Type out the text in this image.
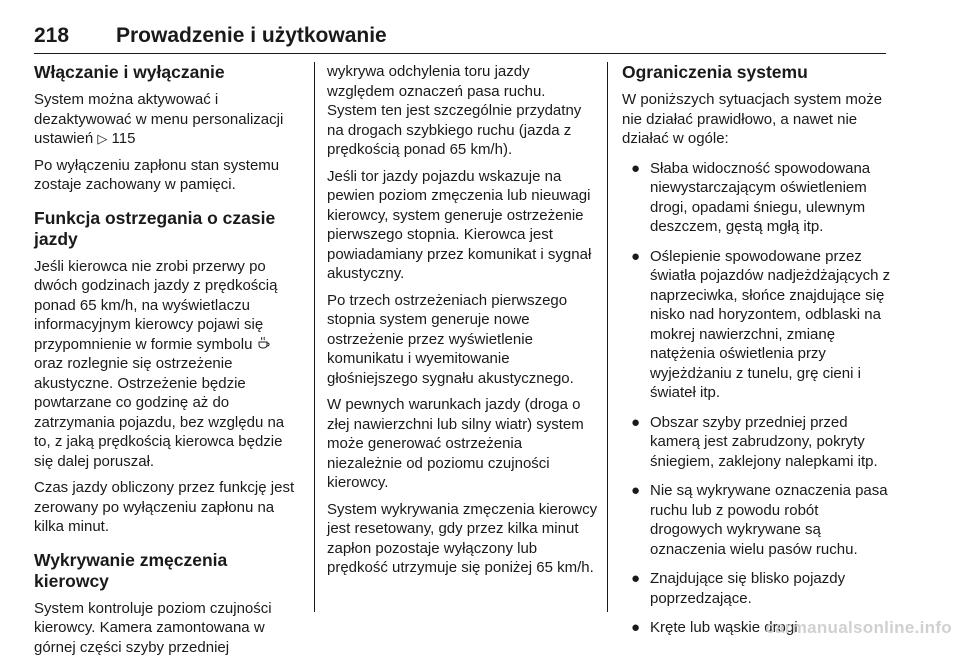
218 Prowadzenie i użytkowanie
Włączanie i wyłączanie

System można aktywować i dezaktywować w menu personalizacji ustawień ▷ 115

Po wyłączeniu zapłonu stan systemu zostaje zachowany w pamięci.

Funkcja ostrzegania o czasie jazdy

Jeśli kierowca nie zrobi przerwy po dwóch godzinach jazdy z prędkością ponad 65 km/h, na wyświetlaczu informacyjnym kierowcy pojawi się przypomnienie w formie symbolu  oraz rozlegnie się ostrzeżenie akustyczne. Ostrzeżenie będzie powtarzane co godzinę aż do zatrzymania pojazdu, bez względu na to, z jaką prędkością kierowca będzie się dalej poruszał.

Czas jazdy obliczony przez funkcję jest zerowany po wyłączeniu zapłonu na kilka minut.

Wykrywanie zmęczenia kierowcy

System kontroluje poziom czujności kierowcy. Kamera zamontowana w górnej części szyby przedniej

wykrywa odchylenia toru jazdy względem oznaczeń pasa ruchu. System ten jest szczególnie przydatny na drogach szybkiego ruchu (jazda z prędkością ponad 65 km/h).

Jeśli tor jazdy pojazdu wskazuje na pewien poziom zmęczenia lub nieuwagi kierowcy, system generuje ostrzeżenie pierwszego stopnia. Kierowca jest powiadamiany przez komunikat i sygnał akustyczny.

Po trzech ostrzeżeniach pierwszego stopnia system generuje nowe ostrzeżenie przez wyświetlenie komunikatu i wyemitowanie głośniejszego sygnału akustycznego.

W pewnych warunkach jazdy (droga o złej nawierzchni lub silny wiatr) system może generować ostrzeżenia niezależnie od poziomu czujności kierowcy.

System wykrywania zmęczenia kierowcy jest resetowany, gdy przez kilka minut zapłon pozostaje wyłączony lub prędkość utrzymuje się poniżej 65 km/h.

Ograniczenia systemu

W poniższych sytuacjach system może nie działać prawidłowo, a nawet nie działać w ogóle:

● Słaba widoczność spowodowana niewystarczającym oświetleniem drogi, opadami śniegu, ulewnym deszczem, gęstą mgłą itp.
● Oślepienie spowodowane przez światła pojazdów nadjeżdżających z naprzeciwka, słońce znajdujące się nisko nad horyzontem, odblaski na mokrej nawierzchni, zmianę natężenia oświetlenia przy wyjeżdżaniu z tunelu, grę cieni i świateł itp.
● Obszar szyby przedniej przed kamerą jest zabrudzony, pokryty śniegiem, zaklejony nalepkami itp.
● Nie są wykrywane oznaczenia pasa ruchu lub z powodu robót drogowych wykrywane są oznaczenia wielu pasów ruchu.
● Znajdujące się blisko pojazdy poprzedzające.
● Kręte lub wąskie drogi.
carmanualsonline.info
